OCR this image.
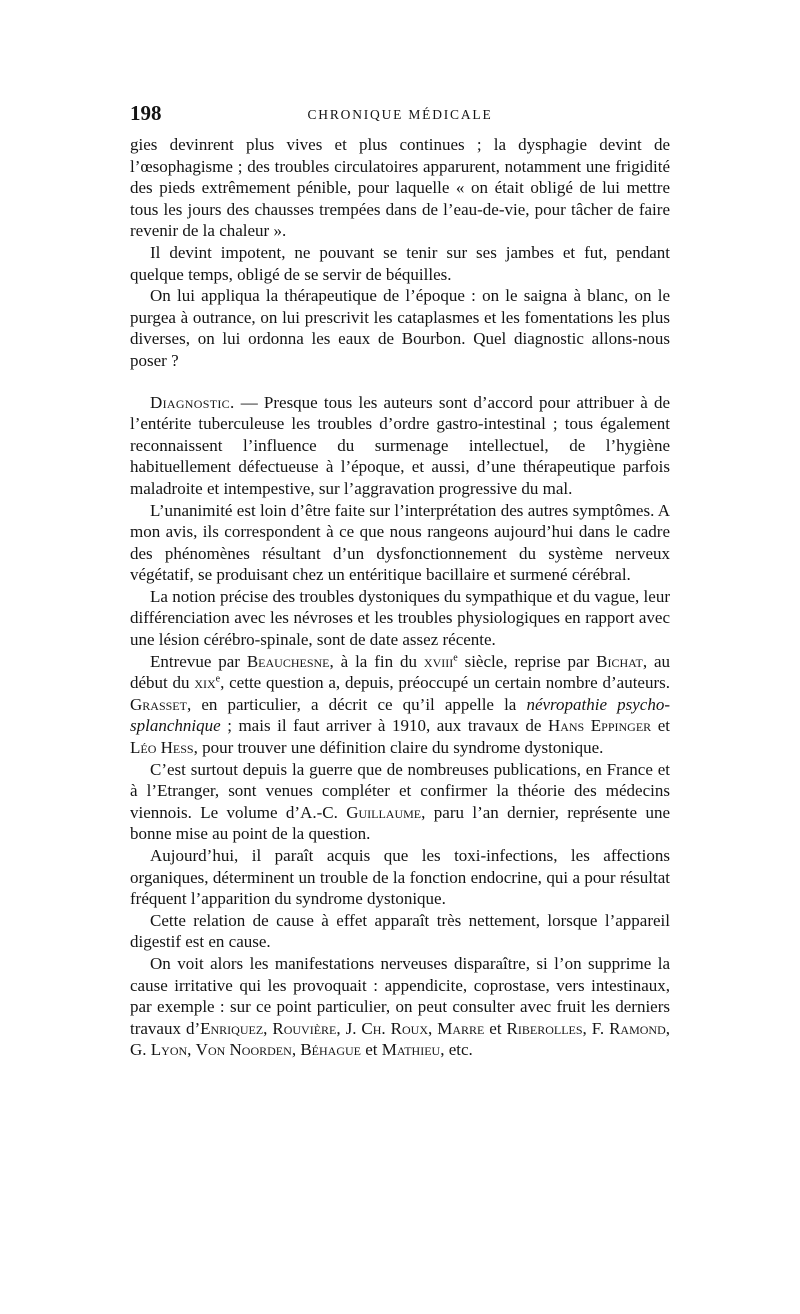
198	CHRONIQUE MÉDICALE

gies devinrent plus vives et plus continues ; la dysphagie devint de l’œsophagisme ; des troubles circulatoires apparurent, notamment une frigidité des pieds extrêmement pénible, pour laquelle « on était obligé de lui mettre tous les jours des chausses trempées dans de l’eau-de-vie, pour tâcher de faire revenir de la chaleur ».

Il devint impotent, ne pouvant se tenir sur ses jambes et fut, pendant quelque temps, obligé de se servir de béquilles.

On lui appliqua la thérapeutique de l’époque : on le saigna à blanc, on le purgea à outrance, on lui prescrivit les cataplasmes et les fomentations les plus diverses, on lui ordonna les eaux de Bourbon. Quel diagnostic allons-nous poser ?

Diagnostic. — Presque tous les auteurs sont d’accord pour attribuer à de l’entérite tuberculeuse les troubles d’ordre gastro-intestinal ; tous également reconnaissent l’influence du surmenage intellectuel, de l’hygiène habituellement défectueuse à l’époque, et aussi, d’une thérapeutique parfois maladroite et intempestive, sur l’aggravation progressive du mal.

L’unanimité est loin d’être faite sur l’interprétation des autres symptômes. A mon avis, ils correspondent à ce que nous rangeons aujourd’hui dans le cadre des phénomènes résultant d’un dysfonctionnement du système nerveux végétatif, se produisant chez un entéritique bacillaire et surmené cérébral.

La notion précise des troubles dystoniques du sympathique et du vague, leur différenciation avec les névroses et les troubles physiologiques en rapport avec une lésion cérébro-spinale, sont de date assez récente.

Entrevue par Beauchesne, à la fin du xviii$^e$ siècle, reprise par Bichat, au début du xix$^e$, cette question a, depuis, préoccupé un certain nombre d’auteurs. Grasset, en particulier, a décrit ce qu’il appelle la névropathie psycho-splanchnique ; mais il faut arriver à 1910, aux travaux de Hans Eppinger et Léo Hess, pour trouver une définition claire du syndrome dystonique.

C’est surtout depuis la guerre que de nombreuses publications, en France et à l’Etranger, sont venues compléter et confirmer la théorie des médecins viennois. Le volume d’A.-C. Guillaume, paru l’an dernier, représente une bonne mise au point de la question.

Aujourd’hui, il paraît acquis que les toxi-infections, les affections organiques, déterminent un trouble de la fonction endocrine, qui a pour résultat fréquent l’apparition du syndrome dystonique.

Cette relation de cause à effet apparaît très nettement, lorsque l’appareil digestif est en cause.

On voit alors les manifestations nerveuses disparaître, si l’on supprime la cause irritative qui les provoquait : appendicite, coprostase, vers intestinaux, par exemple : sur ce point particulier, on peut consulter avec fruit les derniers travaux d’Enriquez, Rouvière, J. Ch. Roux, Marre et Riberolles, F. Ramond, G. Lyon, Von Noorden, Béhague et Mathieu, etc.
